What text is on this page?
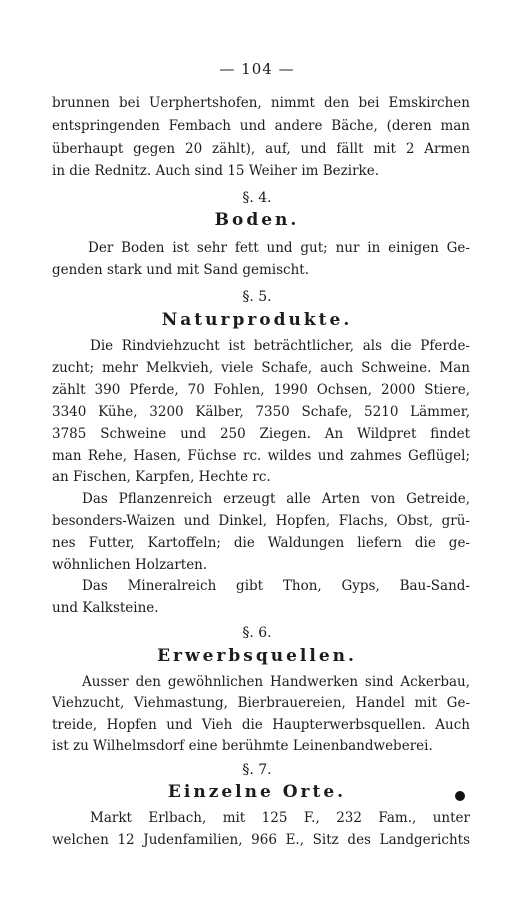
— 104 —
brunnen bei Uerphertshofen, nimmt den bei Emskirchen
entspringenden Fembach und andere Bäche, (deren man
überhaupt gegen 20 zählt), auf, und fällt mit 2 Armen
in die Rednitz. Auch sind 15 Weiher im Bezirke.
§. 4.
Boden.
Der Boden ist sehr fett und gut; nur in einigen Ge-
genden stark und mit Sand gemischt.
§. 5.
Naturprodukte.
Die Rindviehzucht ist beträchtlicher, als die Pferde-
zucht; mehr Melkvieh, viele Schafe, auch Schweine. Man
zählt 390 Pferde, 70 Fohlen, 1990 Ochsen, 2000 Stiere,
3340 Kühe, 3200 Kälber, 7350 Schafe, 5210 Lämmer,
3785 Schweine und 250 Ziegen. An Wildpret findet
man Rehe, Hasen, Füchse rc. wildes und zahmes Geflügel;
an Fischen, Karpfen, Hechte rc.
Das Pflanzenreich erzeugt alle Arten von Getreide,
besonders-Waizen und Dinkel, Hopfen, Flachs, Obst, grü-
nes Futter, Kartoffeln; die Waldungen liefern die ge-
wöhnlichen Holzarten.
Das Mineralreich gibt Thon, Gyps, Bau-Sand-
und Kalksteine.
§. 6.
Erwerbsquellen.
Ausser den gewöhnlichen Handwerken sind Ackerbau,
Viehzucht, Viehmastung, Bierbrauereien, Handel mit Ge-
treide, Hopfen und Vieh die Haupterwerbsquellen. Auch
ist zu Wilhelmsdorf eine berühmte Leinenbandweberei.
§. 7.
Einzelne Orte.
Markt Erlbach, mit 125 F., 232 Fam., unter
welchen 12 Judenfamilien, 966 E., Sitz des Landgerichts
